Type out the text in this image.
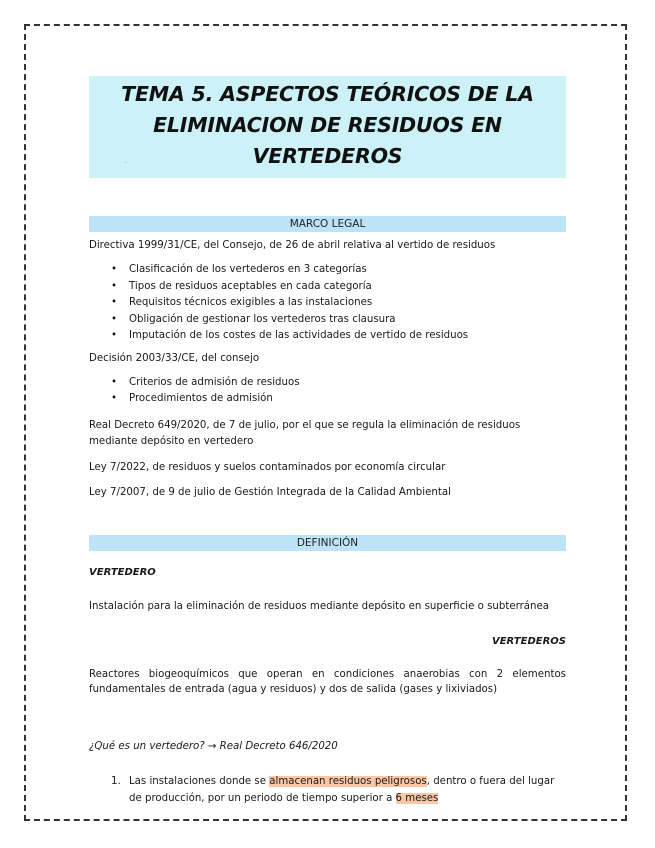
TEMA 5. ASPECTOS TEÓRICOS DE LA
ELIMINACION DE RESIDUOS EN VERTEDEROS
MARCO LEGAL

Directiva 1999/31/CE, del Consejo, de 26 de abril relativa al vertido de residuos

• Clasificación de los vertederos en 3 categorías
• Tipos de residuos aceptables en cada categoría
• Requisitos técnicos exigibles a las instalaciones
• Obligación de gestionar los vertederos tras clausura
• Imputación de los costes de las actividades de vertido de residuos

Decisión 2003/33/CE, del consejo

• Criterios de admisión de residuos
• Procedimientos de admisión

Real Decreto 649/2020, de 7 de julio, por el que se regula la eliminación de residuos mediante depósito en vertedero

Ley 7/2022, de residuos y suelos contaminados por economía circular

Ley 7/2007, de 9 de julio de Gestión Integrada de la Calidad Ambiental

DEFINICIÓN

VERTEDERO

Instalación para la eliminación de residuos mediante depósito en superficie o subterránea

VERTEDEROS

Reactores biogeoquímicos que operan en condiciones anaerobias con 2 elementos fundamentales de entrada (agua y residuos) y dos de salida (gases y lixiviados)

¿Qué es un vertedero? → Real Decreto 646/2020

1. Las instalaciones donde se almacenan residuos peligrosos, dentro o fuera del lugar de producción, por un periodo de tiempo superior a 6 meses
·
